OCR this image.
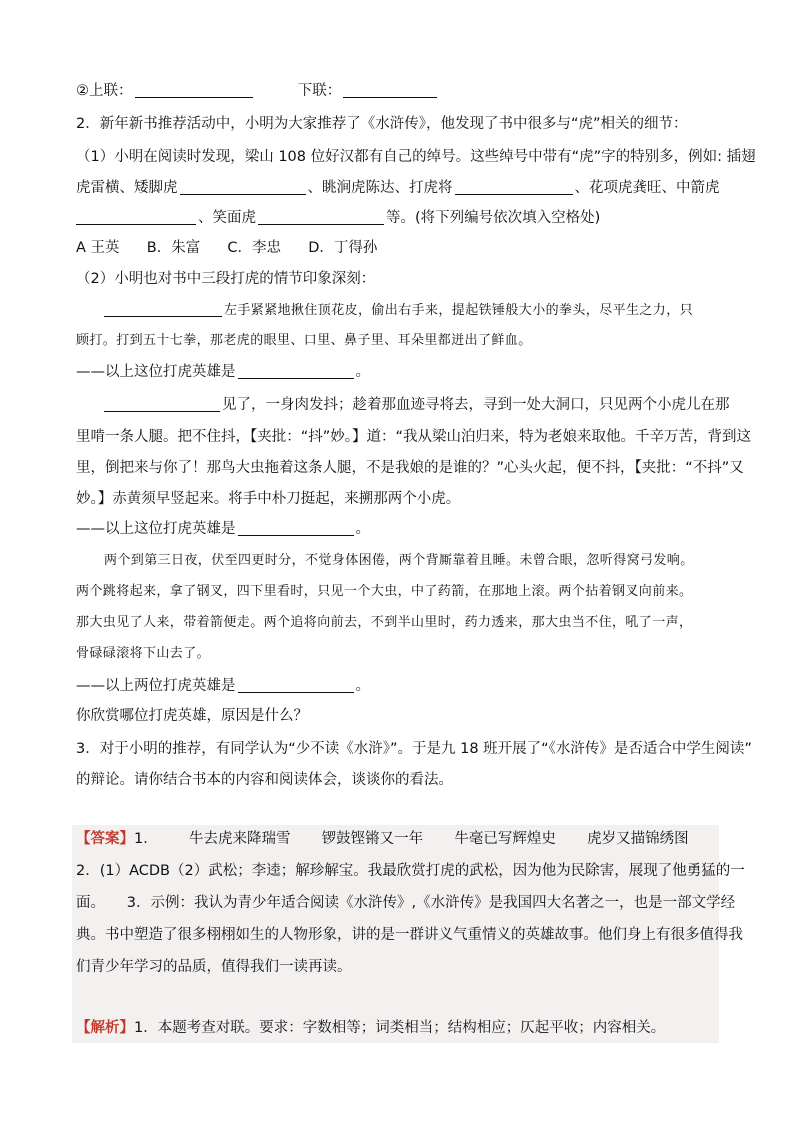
②上联：	下联：
2．新年新书推荐活动中，小明为大家推荐了《水浒传》，他发现了书中很多与“虎”相关的细节：
（1）小明在阅读时发现，梁山 108 位好汉都有自己的绰号。这些绰号中带有“虎”字的特别多，例如: 插翅
虎雷横、矮脚虎	、眺涧虎陈达、打虎将	、花项虎龚旺、中箭虎
、笑面虎	等。(将下列编号依次填入空格处)
A 王英 B．朱富 C．李忠 D．丁得孙
（2）小明也对书中三段打虎的情节印象深刻：
左手紧紧地揪住顶花皮，偷出右手来，提起铁锤般大小的拳头，尽平生之力，只
顾打。打到五十七拳，那老虎的眼里、口里、鼻子里、耳朵里都迸出了鲜血。
——以上这位打虎英雄是	。
见了，一身肉发抖；趁着那血迹寻将去，寻到一处大洞口，只见两个小虎儿在那
里啃一条人腿。把不住抖，【夹批：“抖”妙。】道：“我从梁山泊归来，特为老娘来取他。千辛万苦，背到这
里，倒把来与你了！那鸟大虫拖着这条人腿，不是我娘的是谁的？”心头火起，便不抖，【夹批：“不抖”又
妙。】赤黄须早竖起来。将手中朴刀挺起，来搠那两个小虎。
——以上这位打虎英雄是	。
两个到第三日夜，伏至四更时分，不觉身体困倦，两个背厮靠着且睡。未曾合眼，忽听得窝弓发响。
两个跳将起来，拿了钢叉，四下里看时，只见一个大虫，中了药箭，在那地上滚。两个拈着钢叉向前来。
那大虫见了人来，带着箭便走。两个追将向前去，不到半山里时，药力透来，那大虫当不住，吼了一声，
骨碌碌滚将下山去了。
——以上两位打虎英雄是	。
你欣赏哪位打虎英雄，原因是什么？
3．对于小明的推荐，有同学认为“少不读《水浒》”。于是九 18 班开展了“《水浒传》是否适合中学生阅读”
的辩论。请你结合书本的内容和阅读体会，谈谈你的看法。
【答案】1． 牛去虎来降瑞雪 锣鼓铿锵又一年 牛毫已写辉煌史 虎岁又描锦绣图
2．(1）ACDB（2）武松；李逵；解珍解宝。我最欣赏打虎的武松，因为他为民除害，展现了他勇猛的一
面。　　3．示例：我认为青少年适合阅读《水浒传》,《水浒传》是我国四大名著之一，也是一部文学经
典。书中塑造了很多栩栩如生的人物形象，讲的是一群讲义气重情义的英雄故事。他们身上有很多值得我
们青少年学习的品质，值得我们一读再读。
【解析】1．本题考查对联。要求：字数相等；词类相当；结构相应；仄起平收；内容相关。
